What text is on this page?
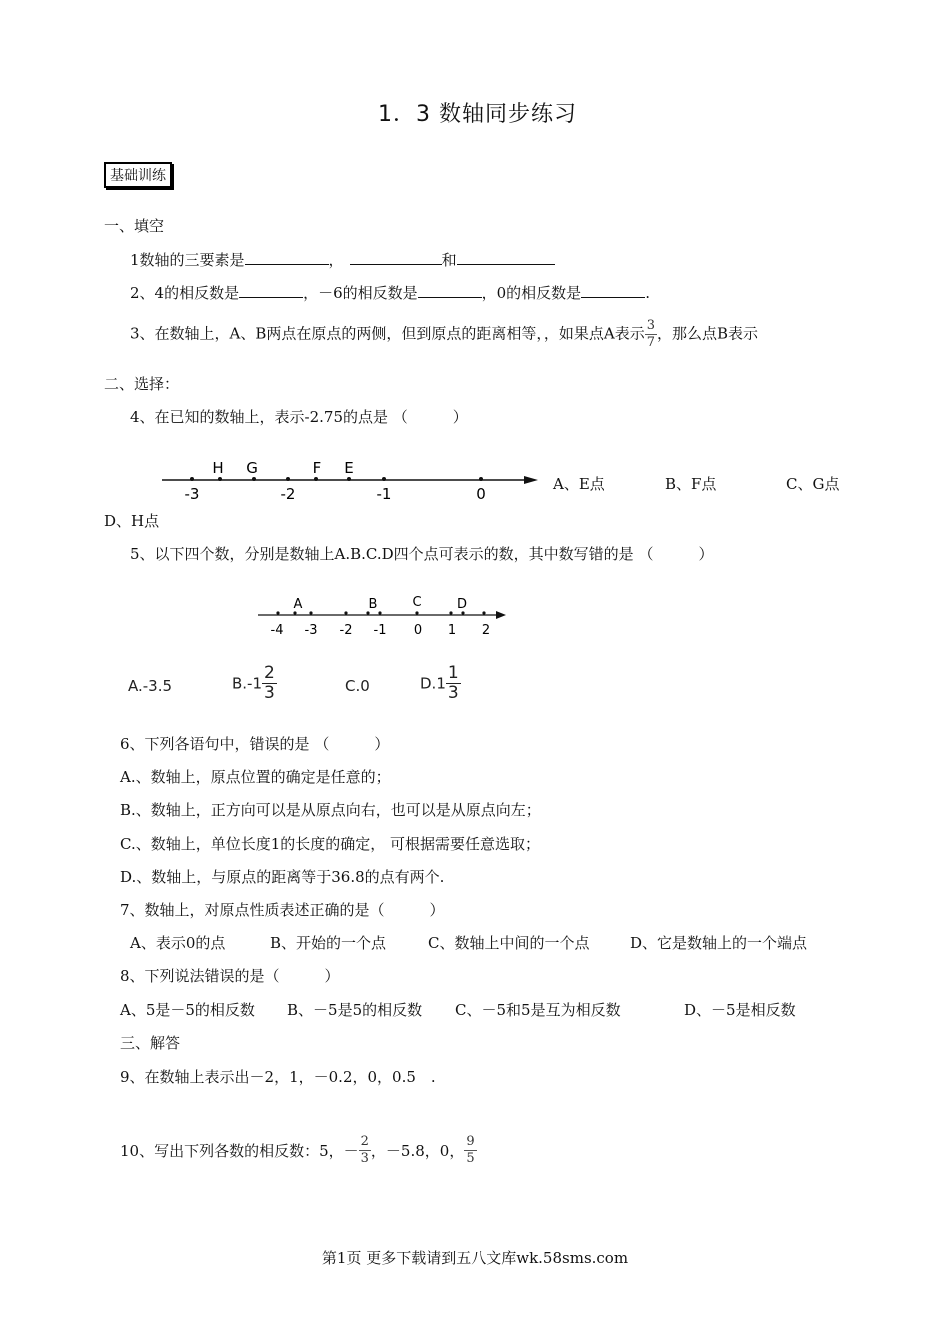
1．3 数轴同步练习
基础训练
一、填空
1数轴的三要素是	，	和
2、4的相反数是	，－6的相反数是	，0的相反数是	.
3、在数轴上，A、B两点在原点的两侧，但到原点的距离相等，，如果点A表示 $\frac{3}{7}$ ，那么点B表示
二、选择：
4、在已知的数轴上，表示-2.75的点是 （　　　）
H G	F E
-3	-2	-1	0
A、E点	B、F点	C、G点
D、H点
5、以下四个数，分别是数轴上A.B.C.D四个点可表示的数，其中数写错的是 （　　　）
A	B	C	D
-4 -3 -2 -1 0 1 2
A.-3.5	$B.-1 \frac{2}{3}$	C.0	$D.1 \frac{1}{3}$
6、下列各语句中，错误的是 （　　　）
A.、数轴上，原点位置的确定是任意的；
B.、数轴上，正方向可以是从原点向右，也可以是从原点向左；
C.、数轴上，单位长度1的长度的确定， 可根据需要任意选取；
D.、数轴上，与原点的距离等于36.8的点有两个.
7、数轴上，对原点性质表述正确的是（　　　）
A、表示0的点	B、开始的一个点	C、数轴上中间的一个点	D、它是数轴上的一个端点
8、下列说法错误的是（　　　）
A、5是－5的相反数 B、－5是5的相反数 C、－5和5是互为相反数	D、－5是相反数
三、解答
9、在数轴上表示出－2，1，－0.2，0，0.5　.
10、写出下列各数的相反数：5，－ $\frac{2}{3}$ ，－5.8，0， $\frac{9}{5}$
第1页 更多下载请到五八文库wk.58sms.com
